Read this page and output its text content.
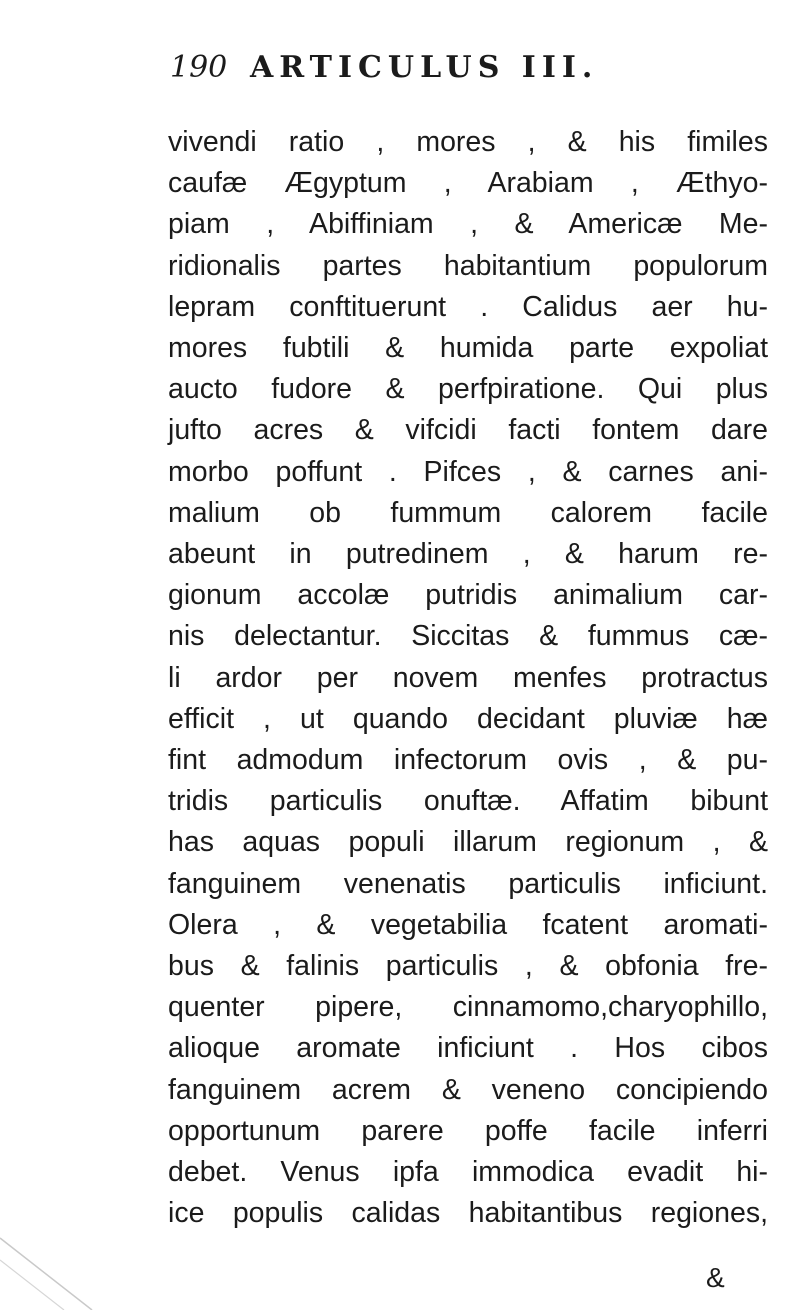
190 ARTICULUS III.
vivendi ratio , mores , & his fimiles
caufæ Ægyptum , Arabiam , Æthyo-
piam , Abiffiniam , & Americæ Me-
ridionalis partes habitantium populorum
lepram conftituerunt . Calidus aer hu-
mores fubtili & humida parte expoliat
aucto fudore & perfpiratione. Qui plus
jufto acres & vifcidi facti fontem dare
morbo poffunt . Pifces , & carnes ani-
malium ob fummum calorem facile
abeunt in putredinem , & harum re-
gionum accolæ putridis animalium car-
nis delectantur. Siccitas & fummus cæ-
li ardor per novem menfes protractus
efficit , ut quando decidant pluviæ hæ
fint admodum infectorum ovis , & pu-
tridis particulis onuftæ. Affatim bibunt
has aquas populi illarum regionum , &
fanguinem venenatis particulis inficiunt.
Olera , & vegetabilia fcatent aromati-
bus & falinis particulis , & obfonia fre-
quenter pipere, cinnamomo,charyophillo,
alioque aromate inficiunt . Hos cibos
fanguinem acrem & veneno concipiendo
opportunum parere poffe facile inferri
debet. Venus ipfa immodica evadit hi-
ice populis calidas habitantibus regiones,
&
